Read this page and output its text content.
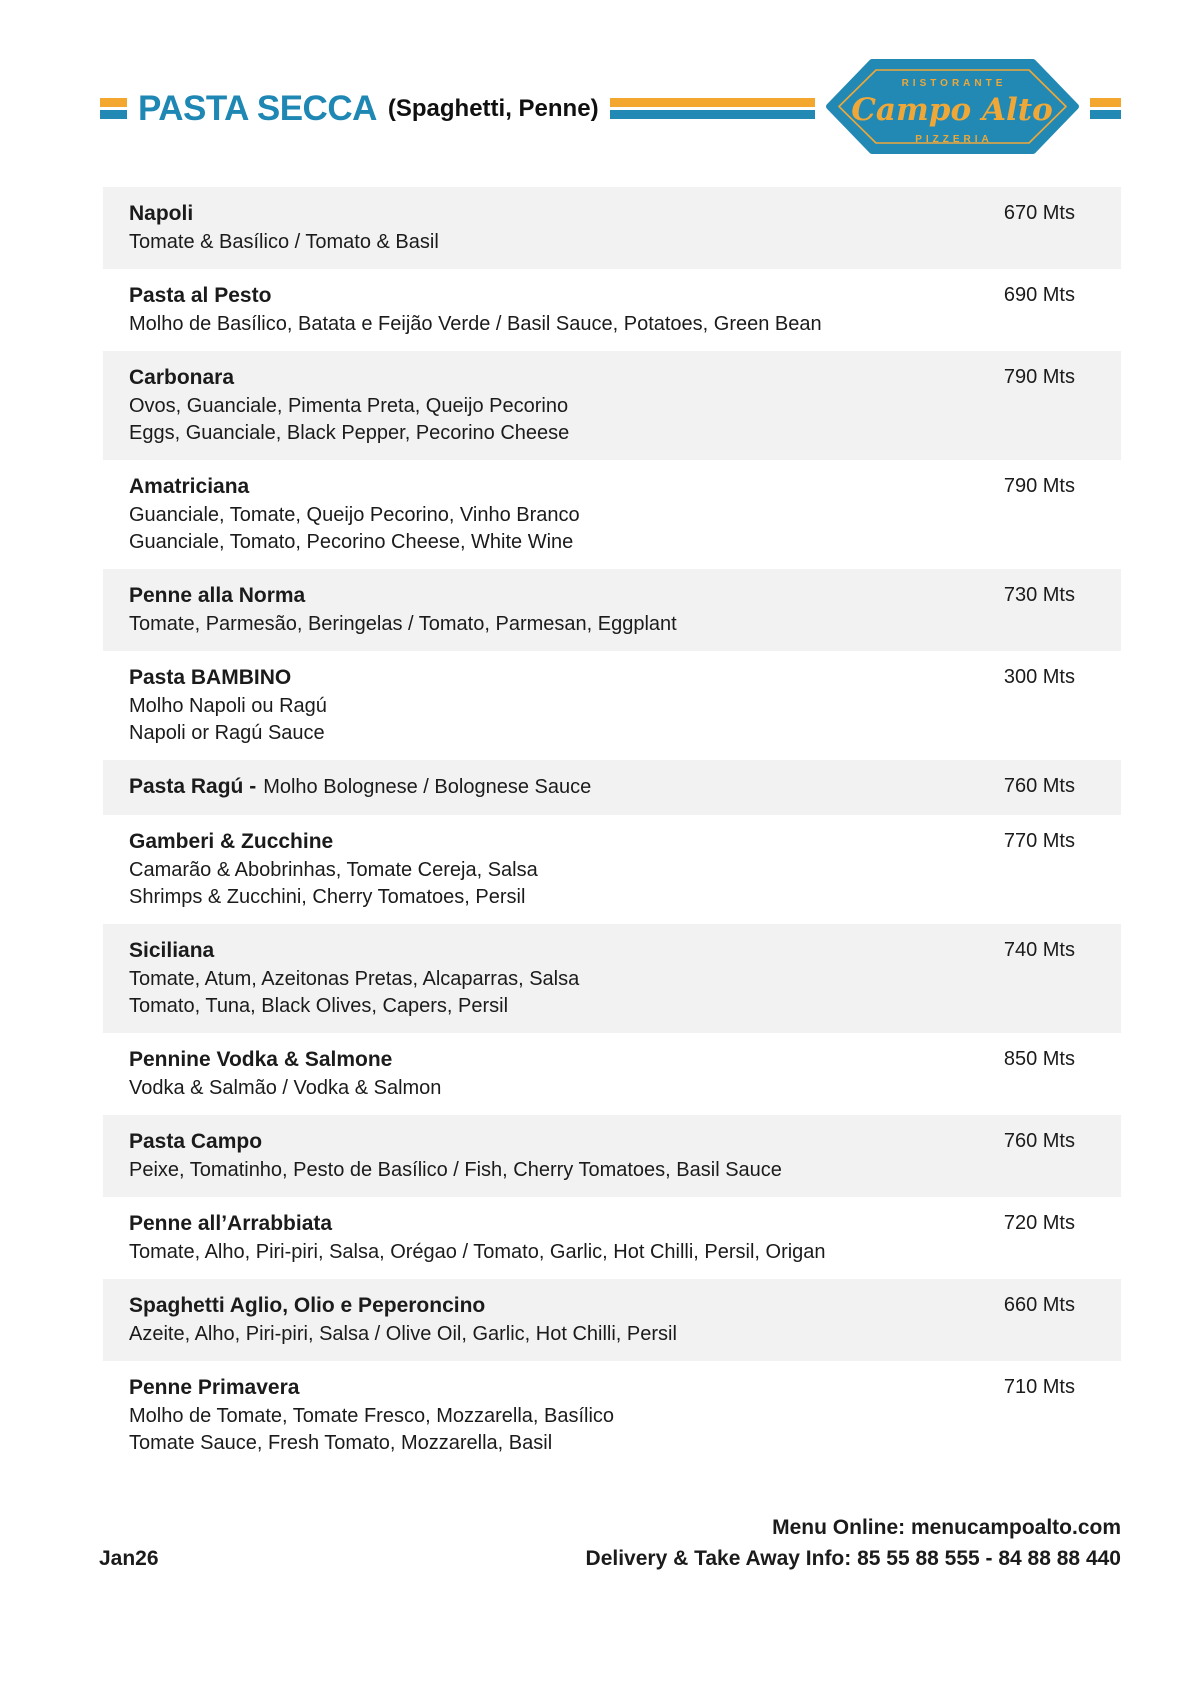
PASTA SECCA (Spaghetti, Penne)
RISTORANTE
Campo Alto
PIZZERIA
Napoli
Tomate & Basílico / Tomato & Basil
670 Mts
Pasta al Pesto
Molho de Basílico, Batata e Feijão Verde / Basil Sauce, Potatoes, Green Bean
690 Mts
Carbonara
Ovos, Guanciale, Pimenta Preta, Queijo Pecorino
Eggs, Guanciale, Black Pepper, Pecorino Cheese
790 Mts
Amatriciana
Guanciale, Tomate, Queijo Pecorino, Vinho Branco
Guanciale, Tomato, Pecorino Cheese, White Wine
790 Mts
Penne alla Norma
Tomate, Parmesão, Beringelas / Tomato, Parmesan, Eggplant
730 Mts
Pasta BAMBINO
Molho Napoli ou Ragú
Napoli or Ragú Sauce
300 Mts
Pasta Ragú - Molho Bolognese / Bolognese Sauce	760 Mts
Gamberi & Zucchine
Camarão & Abobrinhas, Tomate Cereja, Salsa
Shrimps & Zucchini, Cherry Tomatoes, Persil
770 Mts
Siciliana
Tomate, Atum, Azeitonas Pretas, Alcaparras, Salsa
Tomato, Tuna, Black Olives, Capers, Persil
740 Mts
Pennine Vodka & Salmone
Vodka & Salmão / Vodka & Salmon
850 Mts
Pasta Campo
Peixe, Tomatinho, Pesto de Basílico / Fish, Cherry Tomatoes, Basil Sauce
760 Mts
Penne all’Arrabbiata
Tomate, Alho, Piri-piri, Salsa, Orégao / Tomato, Garlic, Hot Chilli, Persil, Origan
720 Mts
Spaghetti Aglio, Olio e Peperoncino
Azeite, Alho, Piri-piri, Salsa / Olive Oil, Garlic, Hot Chilli, Persil
660 Mts
Penne Primavera
Molho de Tomate, Tomate Fresco, Mozzarella, Basílico
Tomate Sauce, Fresh Tomato, Mozzarella, Basil
710 Mts
Jan26
Menu Online: menucampoalto.com
Delivery & Take Away Info: 85 55 88 555 - 84 88 88 440
